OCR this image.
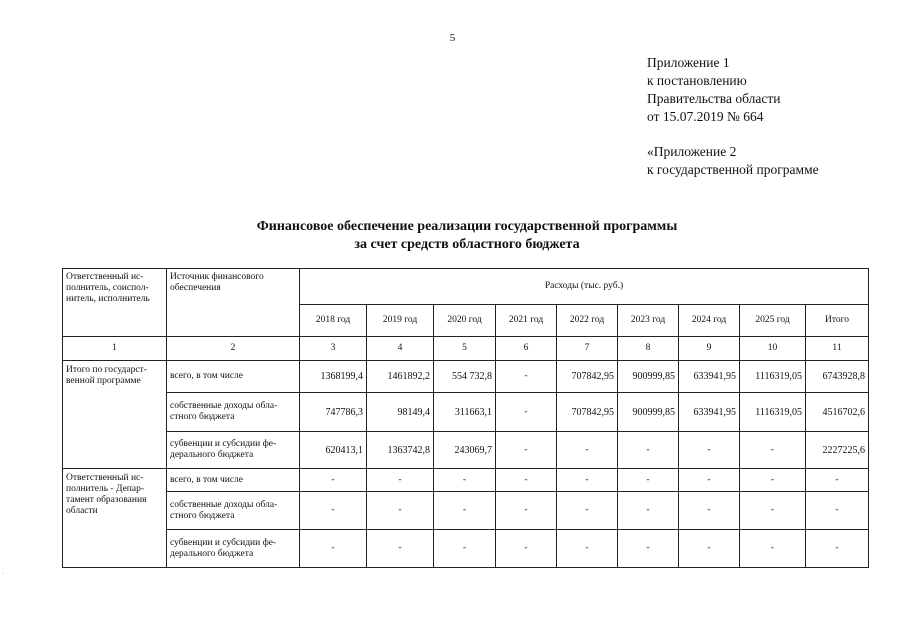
5
Приложение 1
к постановлению
Правительства области
от 15.07.2019 № 664
«Приложение 2
к государственной программе
Финансовое обеспечение реализации государственной программы
за счет средств областного бюджета
Ответственный ис-
полнитель, соиспол-
нитель, исполнитель	Источник финансового
обеспечения	Расходы (тыс. руб.)								
		2018 год	2019 год	2020 год	2021 год	2022 год	2023 год	2024 год	2025 год	Итого
1	2	3	4	5	6	7	8	9	10	11

Итого по государст-
венной программе	всего, в том числе	1368199,4	1461892,2	554 732,8	-	707842,95	900999,85	633941,95	1116319,05	6743928,8

	собственные доходы обла-
стного бюджета	747786,3	98149,4	311663,1	-	707842,95	900999,85	633941,95	1116319,05	4516702,6

	субвенции и субсидии фе-
дерального бюджета	620413,1	1363742,8	243069,7	-	-	-	-	-	2227225,6

Ответственный ис-
полнитель - Депар-
тамент образования
области	всего, в том числе	-	-	-	-	-	-	-	-	-

	собственные доходы обла-
стного бюджета	-	-	-	-	-	-	-	-	-

	субвенции и субсидии фе-
дерального бюджета	-	-	-	-	-	-	-	-	-
.
